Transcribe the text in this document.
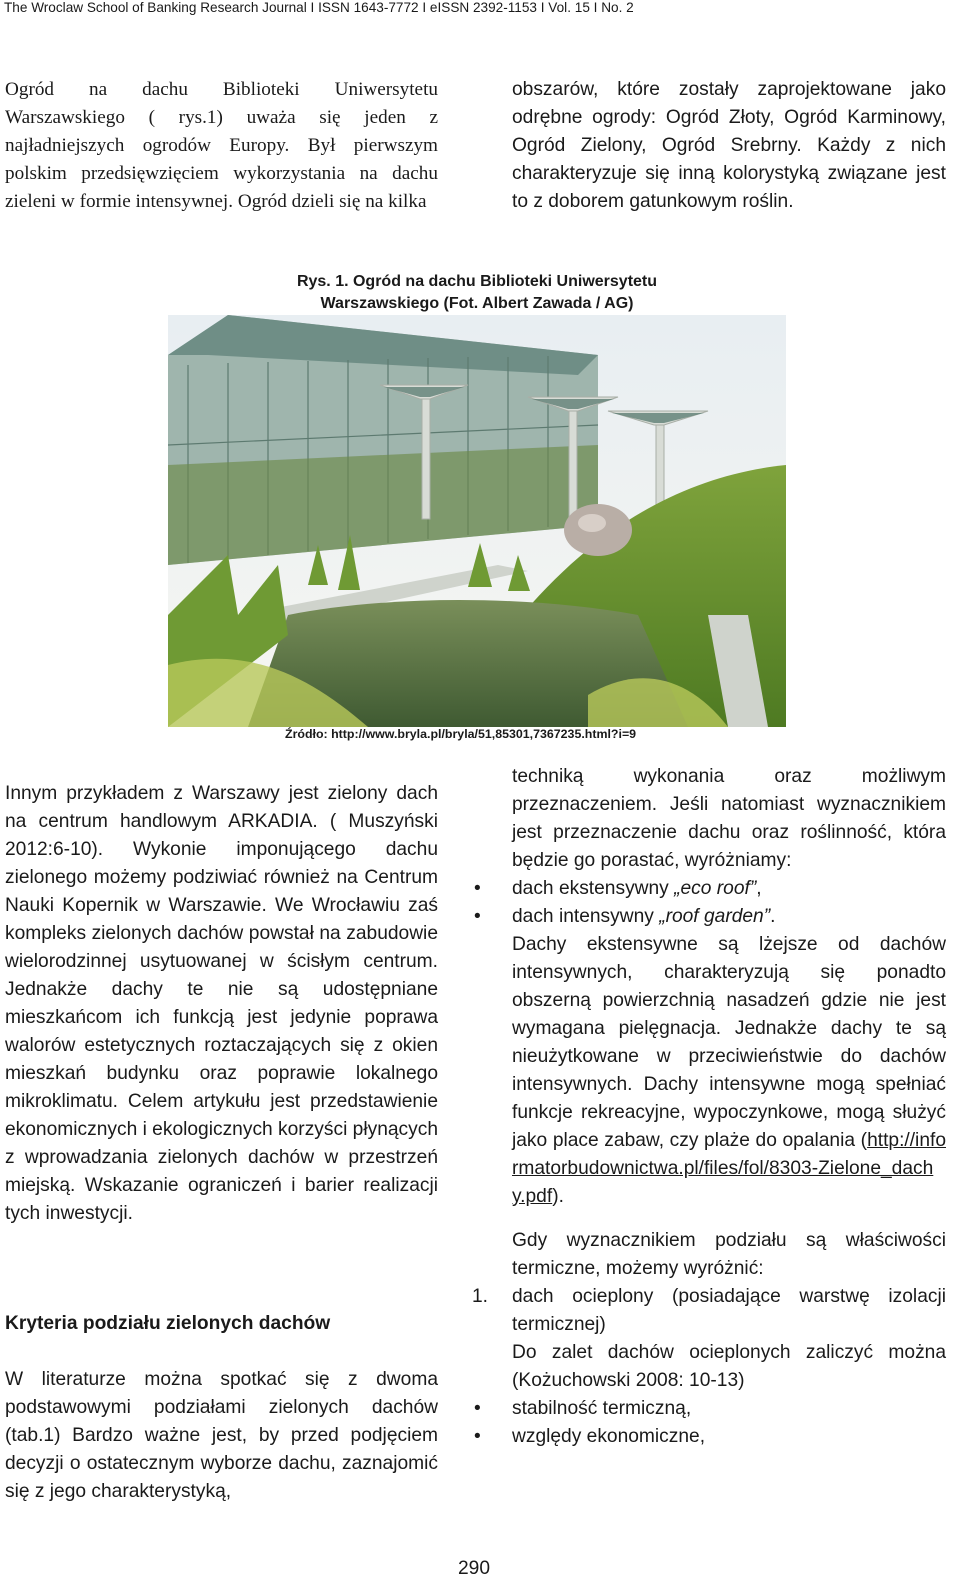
The Wroclaw School of Banking Research Journal I ISSN 1643-7772 I eISSN 2392-1153 I Vol. 15 I No. 2

Ogród na dachu Biblioteki Uniwersytetu Warszawskiego ( rys.1) uważa się jeden z najładniejszych ogrodów Europy. Był pierwszym polskim przedsięwzięciem wykorzystania na dachu zieleni w formie intensywnej. Ogród dzieli się na kilka

obszarów, które zostały zaprojektowane jako odrębne ogrody: Ogród Złoty, Ogród Karminowy, Ogród Zielony, Ogród Srebrny. Każdy z nich charakteryzuje się inną kolorystyką związane jest to z doborem gatunkowym roślin.

Rys. 1. Ogród na dachu Biblioteki Uniwersytetu
Warszawskiego (Fot. Albert Zawada / AG)
Źródło: http://www.bryla.pl/bryla/51,85301,7367235.html?i=9

Innym przykładem z Warszawy jest zielony dach na centrum handlowym ARKADIA. ( Muszyński 2012:6-10). Wykonie imponującego dachu zielonego możemy podziwiać również na Centrum Nauki Kopernik w Warszawie. We Wrocławiu zaś kompleks zielonych dachów powstał na zabudowie wielorodzinnej usytuowanej w ścisłym centrum. Jednakże dachy te nie są udostępniane mieszkańcom ich funkcją jest jedynie poprawa walorów estetycznych roztaczających się z okien mieszkań budynku oraz poprawie lokalnego mikroklimatu. Celem artykułu jest przedstawienie ekonomicznych i ekologicznych korzyści płynących z wprowadzania zielonych dachów w przestrzeń miejską. Wskazanie ograniczeń i barier realizacji tych inwestycji.

Kryteria podziału zielonych dachów

W literaturze można spotkać się z dwoma podstawowymi podziałami zielonych dachów (tab.1) Bardzo ważne jest, by przed podjęciem decyzji o ostatecznym wyborze dachu, zaznajomić się z jego charakterystyką,

techniką wykonania oraz możliwym przeznaczeniem. Jeśli natomiast wyznacznikiem jest przeznaczenie dachu oraz roślinność, która będzie go porastać, wyróżniamy:

• dach ekstensywny „eco roof”,
• dach intensywny „roof garden”.

Dachy ekstensywne są lżejsze od dachów intensywnych, charakteryzują się ponadto obszerną powierzchnią nasadzeń gdzie nie jest wymagana pielęgnacja. Jednakże dachy te są nieużytkowane w przeciwieństwie do dachów intensywnych. Dachy intensywne mogą spełniać funkcje rekreacyjne, wypoczynkowe, mogą służyć jako place zabaw, czy plaże do opalania (http://informatorbudownictwa.pl/files/fol/8303-Zielone_dachy.pdf).

Gdy wyznacznikiem podziału są właściwości termiczne, możemy wyróżnić:

1. dach ocieplony (posiadające warstwę izolacji termicznej)

Do zalet dachów ocieplonych zaliczyć można (Kożuchowski 2008: 10-13)

• stabilność termiczną,
• względy ekonomiczne,
290
